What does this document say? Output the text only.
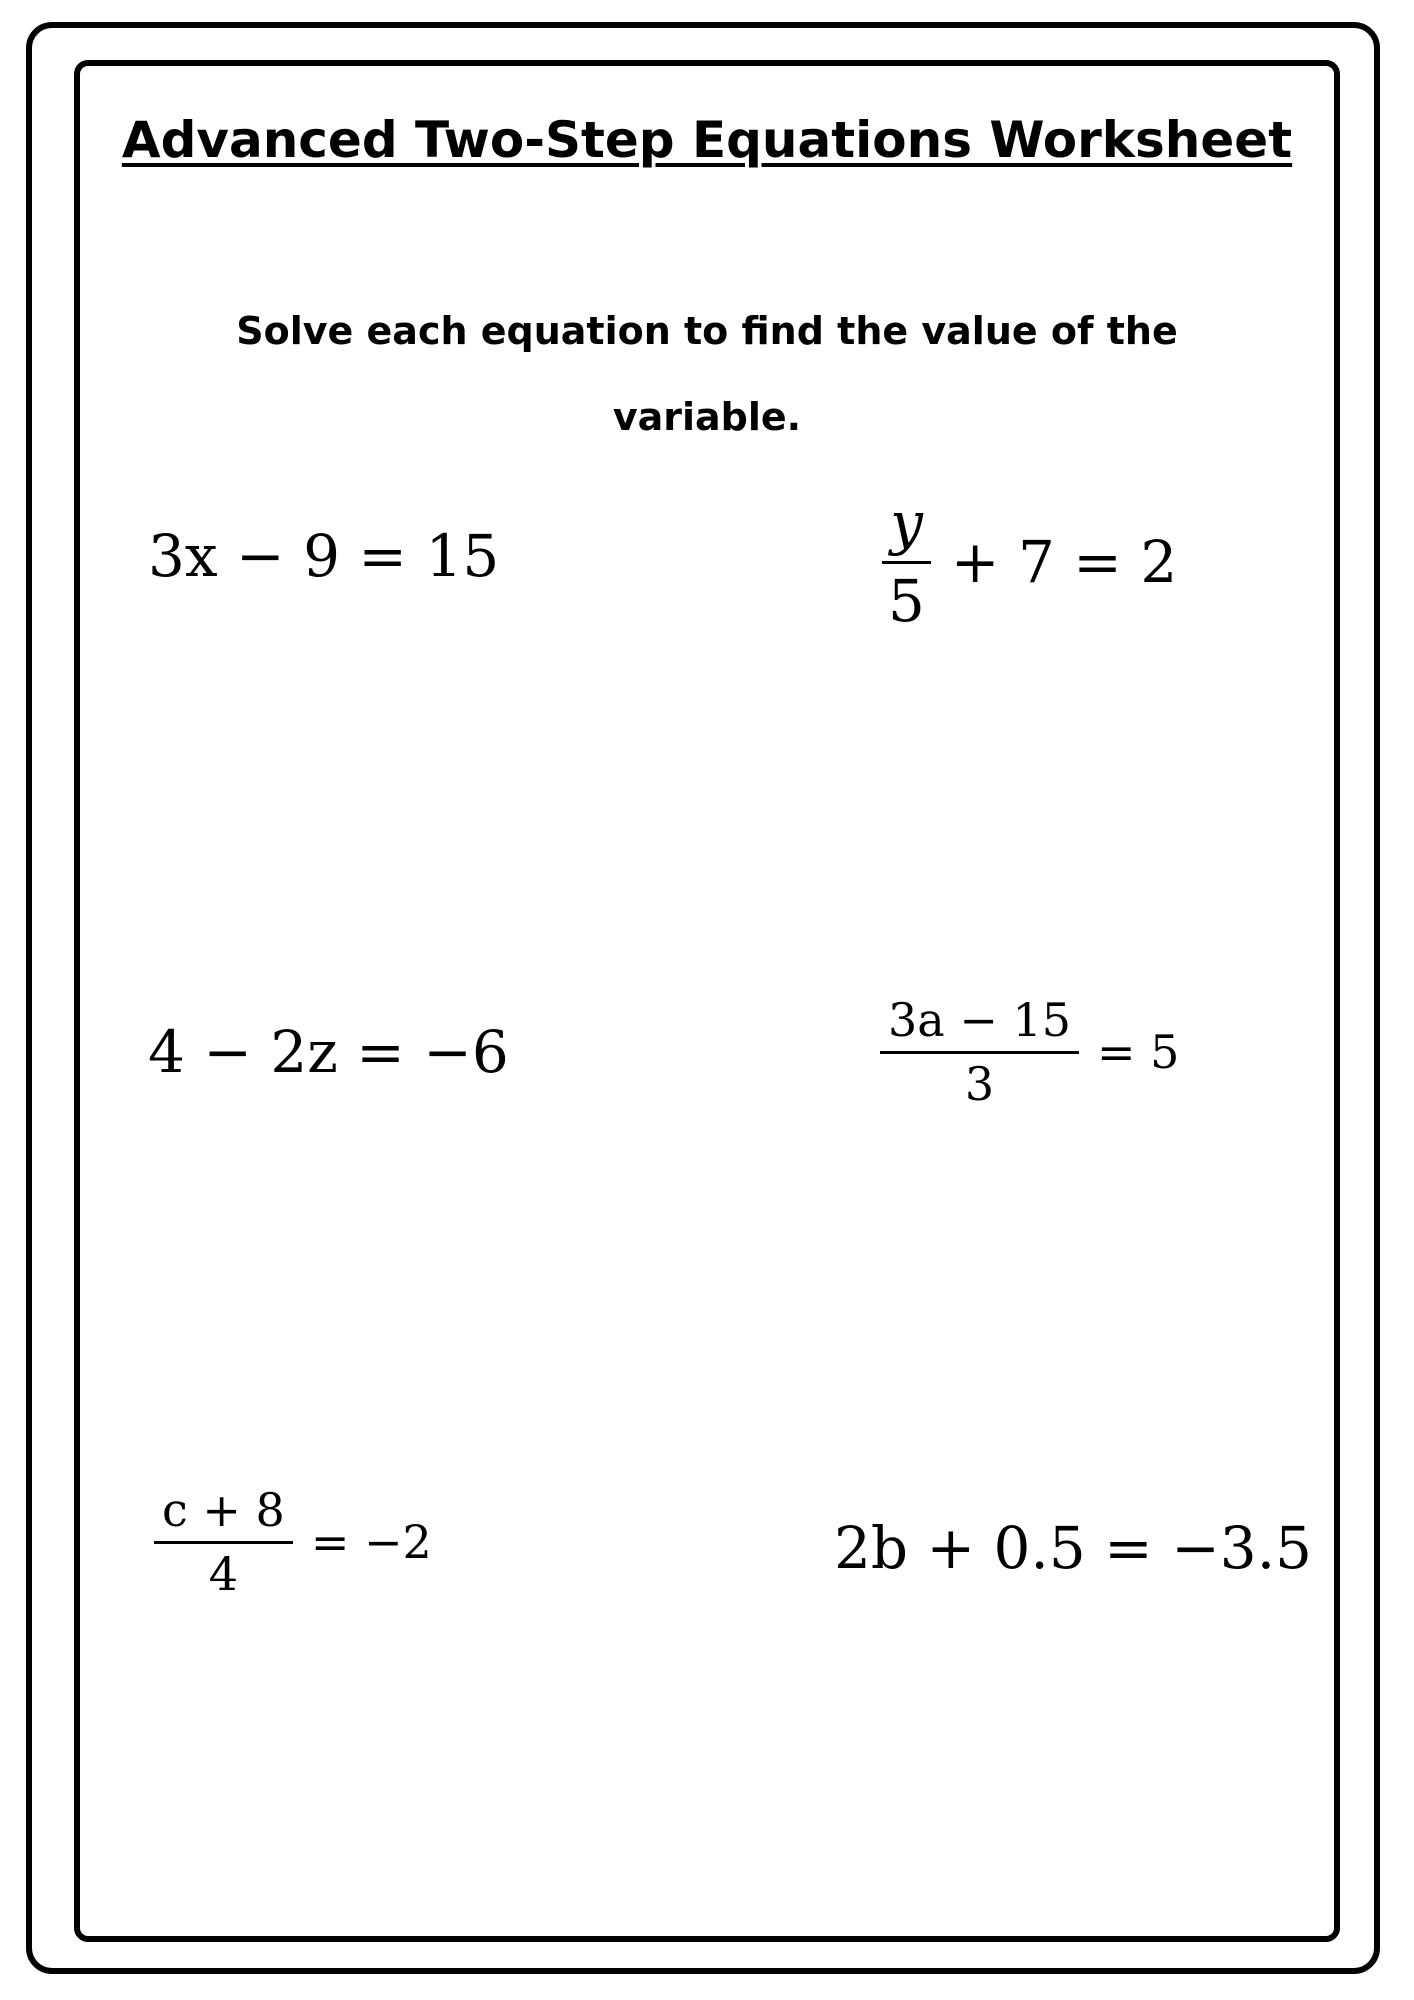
Advanced Two-Step Equations Worksheet

Solve each equation to find the value of the variable.

3x − 9 = 15	$\frac{y}{5} + 7 = 2$
4 − 2z = −6	$\frac{3a - 15}{3} = 5$
$\frac{c + 8}{4} = -2$	2b + 0.5 = −3.5
